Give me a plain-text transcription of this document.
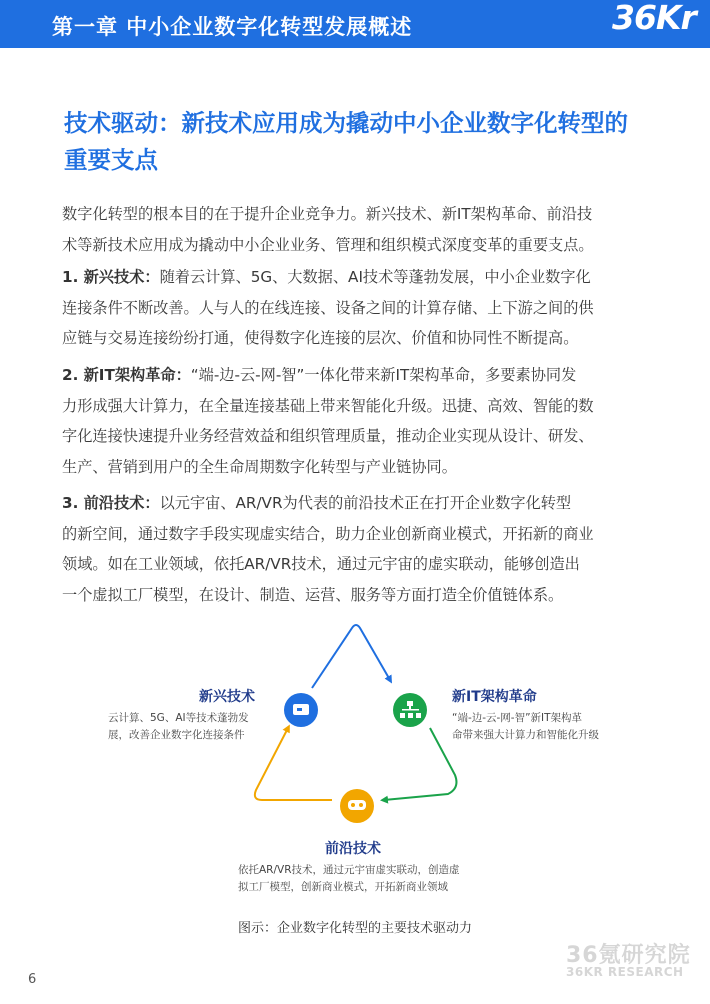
第一章 中小企业数字化转型发展概述	36Kr
技术驱动：新技术应用成为撬动中小企业数字化转型的
重要支点
数字化转型的根本目的在于提升企业竞争力。新兴技术、新IT架构革命、前沿技
术等新技术应用成为撬动中小企业业务、管理和组织模式深度变革的重要支点。
1. 新兴技术：随着云计算、5G、大数据、AI技术等蓬勃发展，中小企业数字化
连接条件不断改善。人与人的在线连接、设备之间的计算存储、上下游之间的供
应链与交易连接纷纷打通，使得数字化连接的层次、价值和协同性不断提高。
2. 新IT架构革命：“端-边-云-网-智”一体化带来新IT架构革命，多要素协同发
力形成强大计算力，在全量连接基础上带来智能化升级。迅捷、高效、智能的数
字化连接快速提升业务经营效益和组织管理质量，推动企业实现从设计、研发、
生产、营销到用户的全生命周期数字化转型与产业链协同。
3. 前沿技术：以元宇宙、AR/VR为代表的前沿技术正在打开企业数字化转型
的新空间，通过数字手段实现虚实结合，助力企业创新商业模式，开拓新的商业
领域。如在工业领域，依托AR/VR技术，通过元宇宙的虚实联动，能够创造出
一个虚拟工厂模型，在设计、制造、运营、服务等方面打造全价值链体系。
新兴技术
云计算、5G、AI等技术蓬勃发
展，改善企业数字化连接条件
新IT架构革命
“端-边-云-网-智”新IT架构革
命带来强大计算力和智能化升级
前沿技术
依托AR/VR技术，通过元宇宙虚实联动，创造虚
拟工厂模型，创新商业模式，开拓新商业领域
图示：企业数字化转型的主要技术驱动力
36氪研究院
36KR RESEARCH
6
